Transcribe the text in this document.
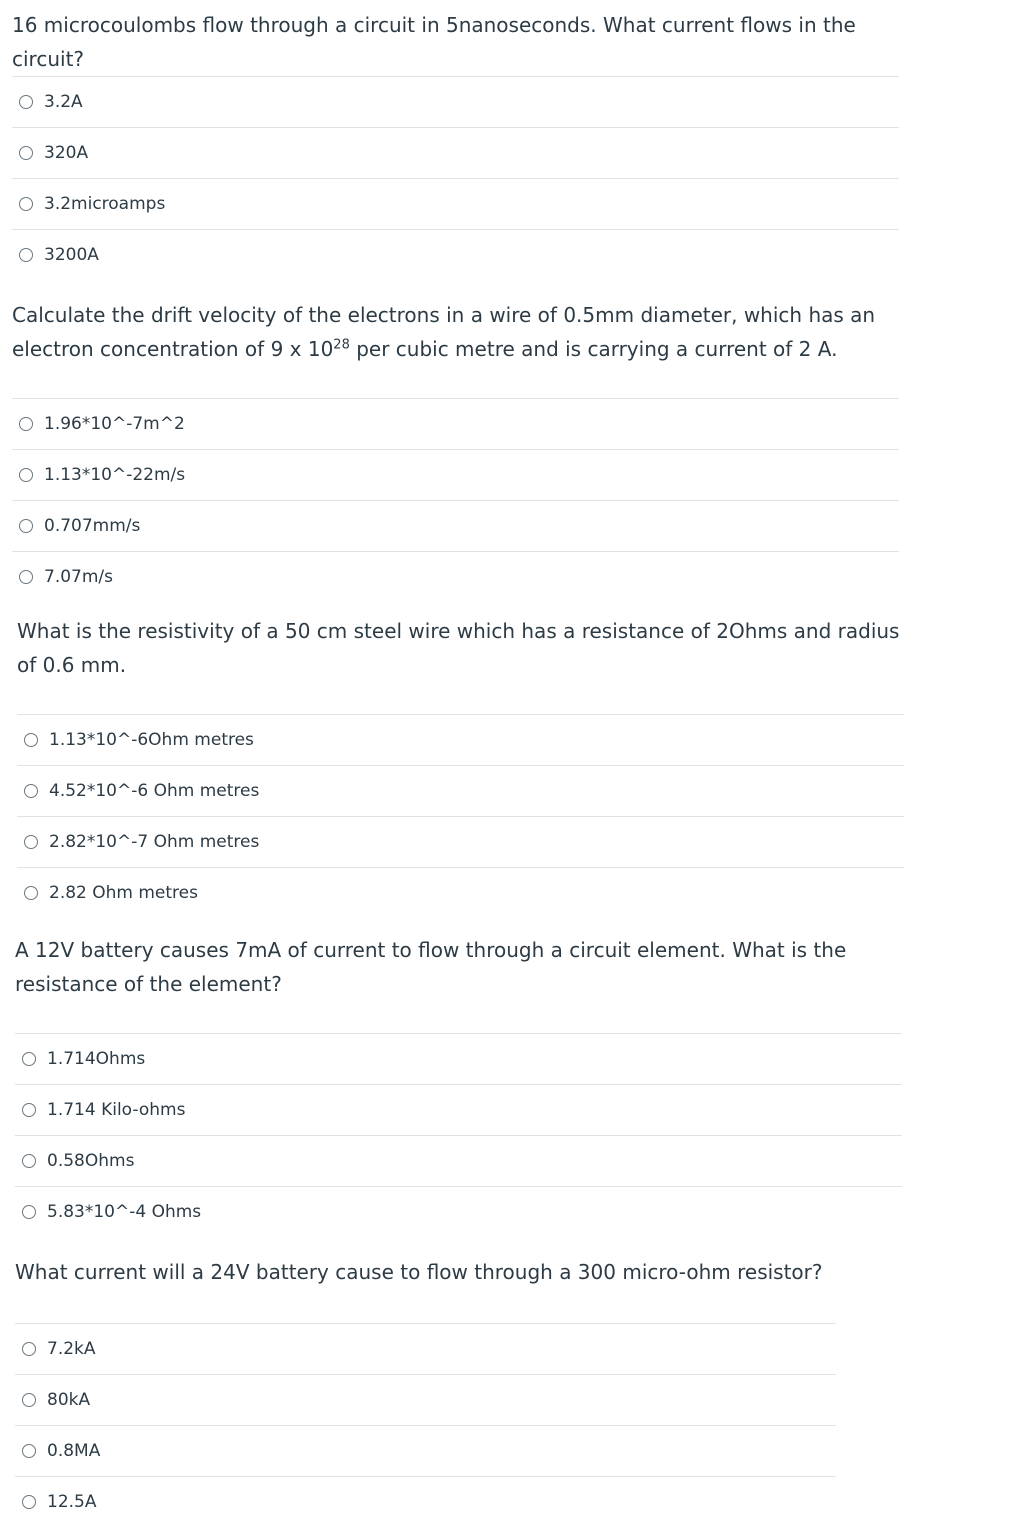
16 microcoulombs flow through a circuit in 5nanoseconds. What current flows in the circuit?

3.2A
320A
3.2microamps
3200A

Calculate the drift velocity of the electrons in a wire of 0.5mm diameter, which has an electron concentration of 9 x $10^{28}$ per cubic metre and is carrying a current of 2 A.

1.96*10^-7m^2
1.13*10^-22m/s
0.707mm/s
7.07m/s

What is the resistivity of a 50 cm steel wire which has a resistance of 2Ohms and radius of 0.6 mm.

1.13*10^-6Ohm metres
4.52*10^-6 Ohm metres
2.82*10^-7 Ohm metres
2.82 Ohm metres

A 12V battery causes 7mA of current to flow through a circuit element. What is the resistance of the element?

1.714Ohms
1.714 Kilo-ohms
0.58Ohms
5.83*10^-4 Ohms

What current will a 24V battery cause to flow through a 300 micro-ohm resistor?

7.2kA
80kA
0.8MA
12.5A
